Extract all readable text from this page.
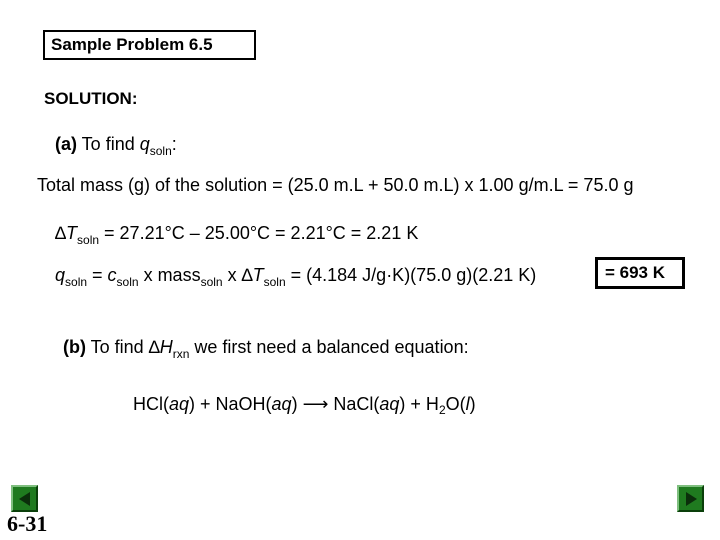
Sample Problem 6.5
SOLUTION:
(a) To find $q_{soln}$:
Total mass (g) of the solution = (25.0 m.L + 50.0 m.L) x 1.00 g/m.L = 75.0 g
$\Delta T_{soln} = 27.21^\circ C - 25.00^\circ C = 2.21^\circ C = 2.21$ K
$q_{soln} = c_{soln}$ x mass$_{soln}$ x $\Delta T_{soln} = (4.184$ J/g·K)(75.0 g)(2.21 K)	= 693 K
(b) To find $\Delta H_{rxn}$ we first need a balanced equation:
HCl(aq) + NaOH(aq) ⟶ NaCl(aq) + $H_2O(l)$
6-31
